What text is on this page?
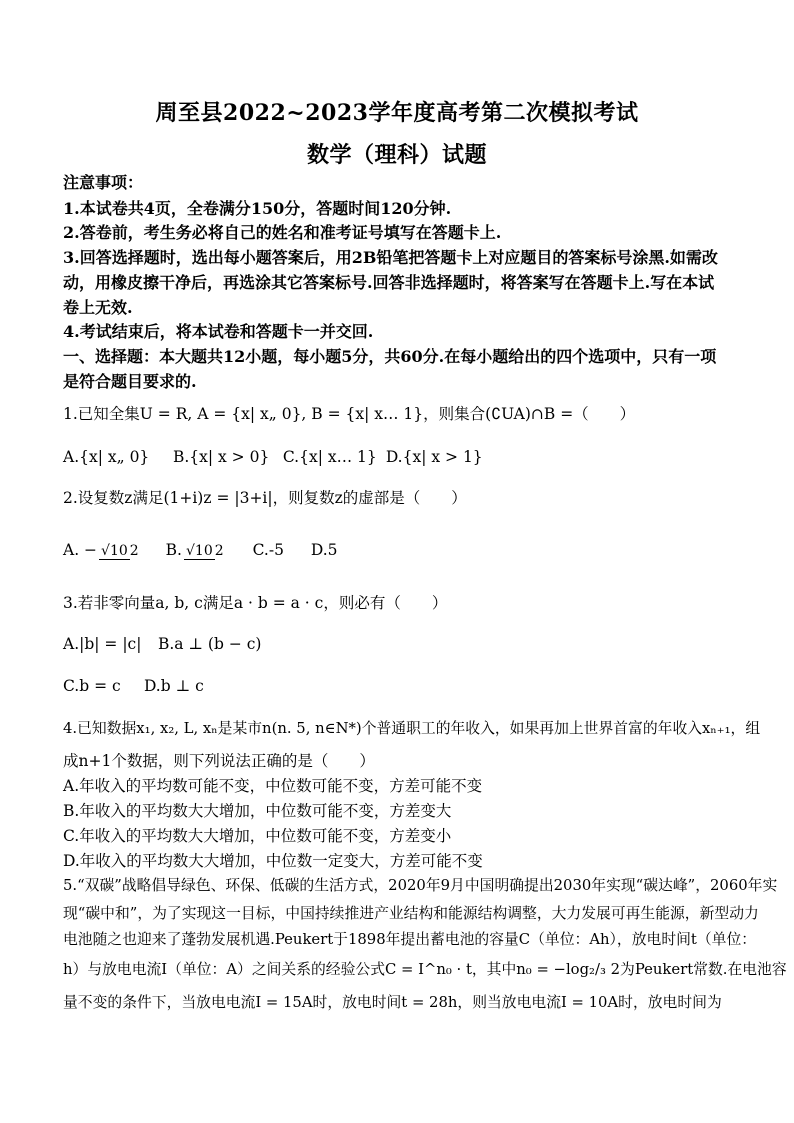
周至县2022~2023学年度高考第二次模拟考试
数学（理科）试题
注意事项：
1.本试卷共4页，全卷满分150分，答题时间120分钟.
2.答卷前，考生务必将自己的姓名和准考证号填写在答题卡上.
3.回答选择题时，选出每小题答案后，用2B铅笔把答题卡上对应题目的答案标号涂黑.如需改
动，用橡皮擦干净后，再选涂其它答案标号.回答非选择题时，将答案写在答题卡上.写在本试
卷上无效.
4.考试结束后，将本试卷和答题卡一并交回.
一、选择题：本大题共12小题，每小题5分，共60分.在每小题给出的四个选项中，只有一项
是符合题目要求的.
1.已知全集U = R, A = {x| x„ 0}, B = {x| x… 1}，则集合(∁UA)∩B =（　　）
A.{x| x„ 0} B.{x| x > 0} C.{x| x… 1} D.{x| x > 1}
2.设复数z满足(1+i)z = |3+i|，则复数z的虚部是（　　）
A. − √10 2 B. √10 2 C.-5 D.5
3.若非零向量a, b, c满足a · b = a · c，则必有（　　）
A.|b| = |c| B.a ⊥ (b − c)
C.b = c D.b ⊥ c
4.已知数据x₁, x₂, L, xₙ是某市n(n. 5, n∈N*)个普通职工的年收入，如果再加上世界首富的年收入xₙ₊₁，组
成n+1个数据，则下列说法正确的是（　　）
A.年收入的平均数可能不变，中位数可能不变，方差可能不变
B.年收入的平均数大大增加，中位数可能不变，方差变大
C.年收入的平均数大大增加，中位数可能不变，方差变小
D.年收入的平均数大大增加，中位数一定变大，方差可能不变
5.“双碳”战略倡导绿色、环保、低碳的生活方式，2020年9月中国明确提出2030年实现“碳达峰”，2060年实
现“碳中和”，为了实现这一目标，中国持续推进产业结构和能源结构调整，大力发展可再生能源，新型动力
电池随之也迎来了蓬勃发展机遇.Peukert于1898年提出蓄电池的容量C（单位：Ah），放电时间t（单位：
h）与放电电流I（单位：A）之间关系的经验公式C = I^n₀ · t，其中n₀ = −log₂/₃ 2为Peukert常数.在电池容
量不变的条件下，当放电电流I = 15A时，放电时间t = 28h，则当放电电流I = 10A时，放电时间为
